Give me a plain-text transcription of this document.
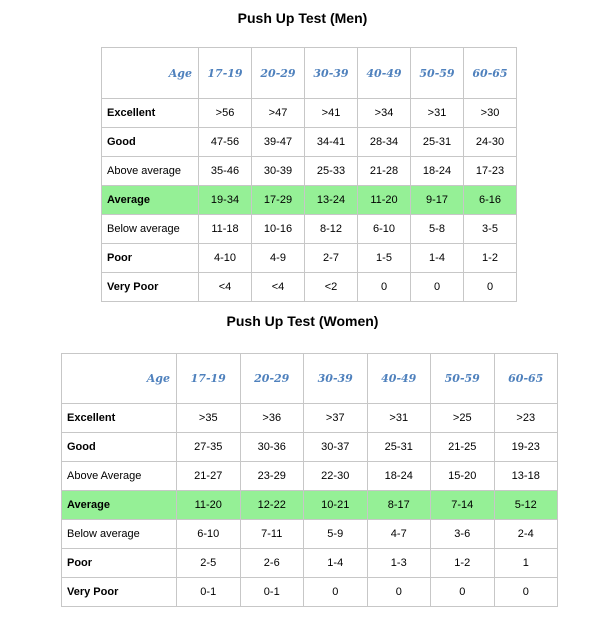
Push Up Test (Men)
Age	17-19	20-29	30-39	40-49	50-59	60-65
Excellent	>56	>47	>41	>34	>31	>30
Good	47-56	39-47	34-41	28-34	25-31	24-30
Above average	35-46	30-39	25-33	21-28	18-24	17-23
Average	19-34	17-29	13-24	11-20	9-17	6-16
Below average	11-18	10-16	8-12	6-10	5-8	3-5
Poor	4-10	4-9	2-7	1-5	1-4	1-2
Very Poor	<4	<4	<2	0	0	0
Push Up Test (Women)
Age	17-19	20-29	30-39	40-49	50-59	60-65
Excellent	>35	>36	>37	>31	>25	>23
Good	27-35	30-36	30-37	25-31	21-25	19-23
Above Average	21-27	23-29	22-30	18-24	15-20	13-18
Average	11-20	12-22	10-21	8-17	7-14	5-12
Below average	6-10	7-11	5-9	4-7	3-6	2-4
Poor	2-5	2-6	1-4	1-3	1-2	1
Very Poor	0-1	0-1	0	0	0	0
